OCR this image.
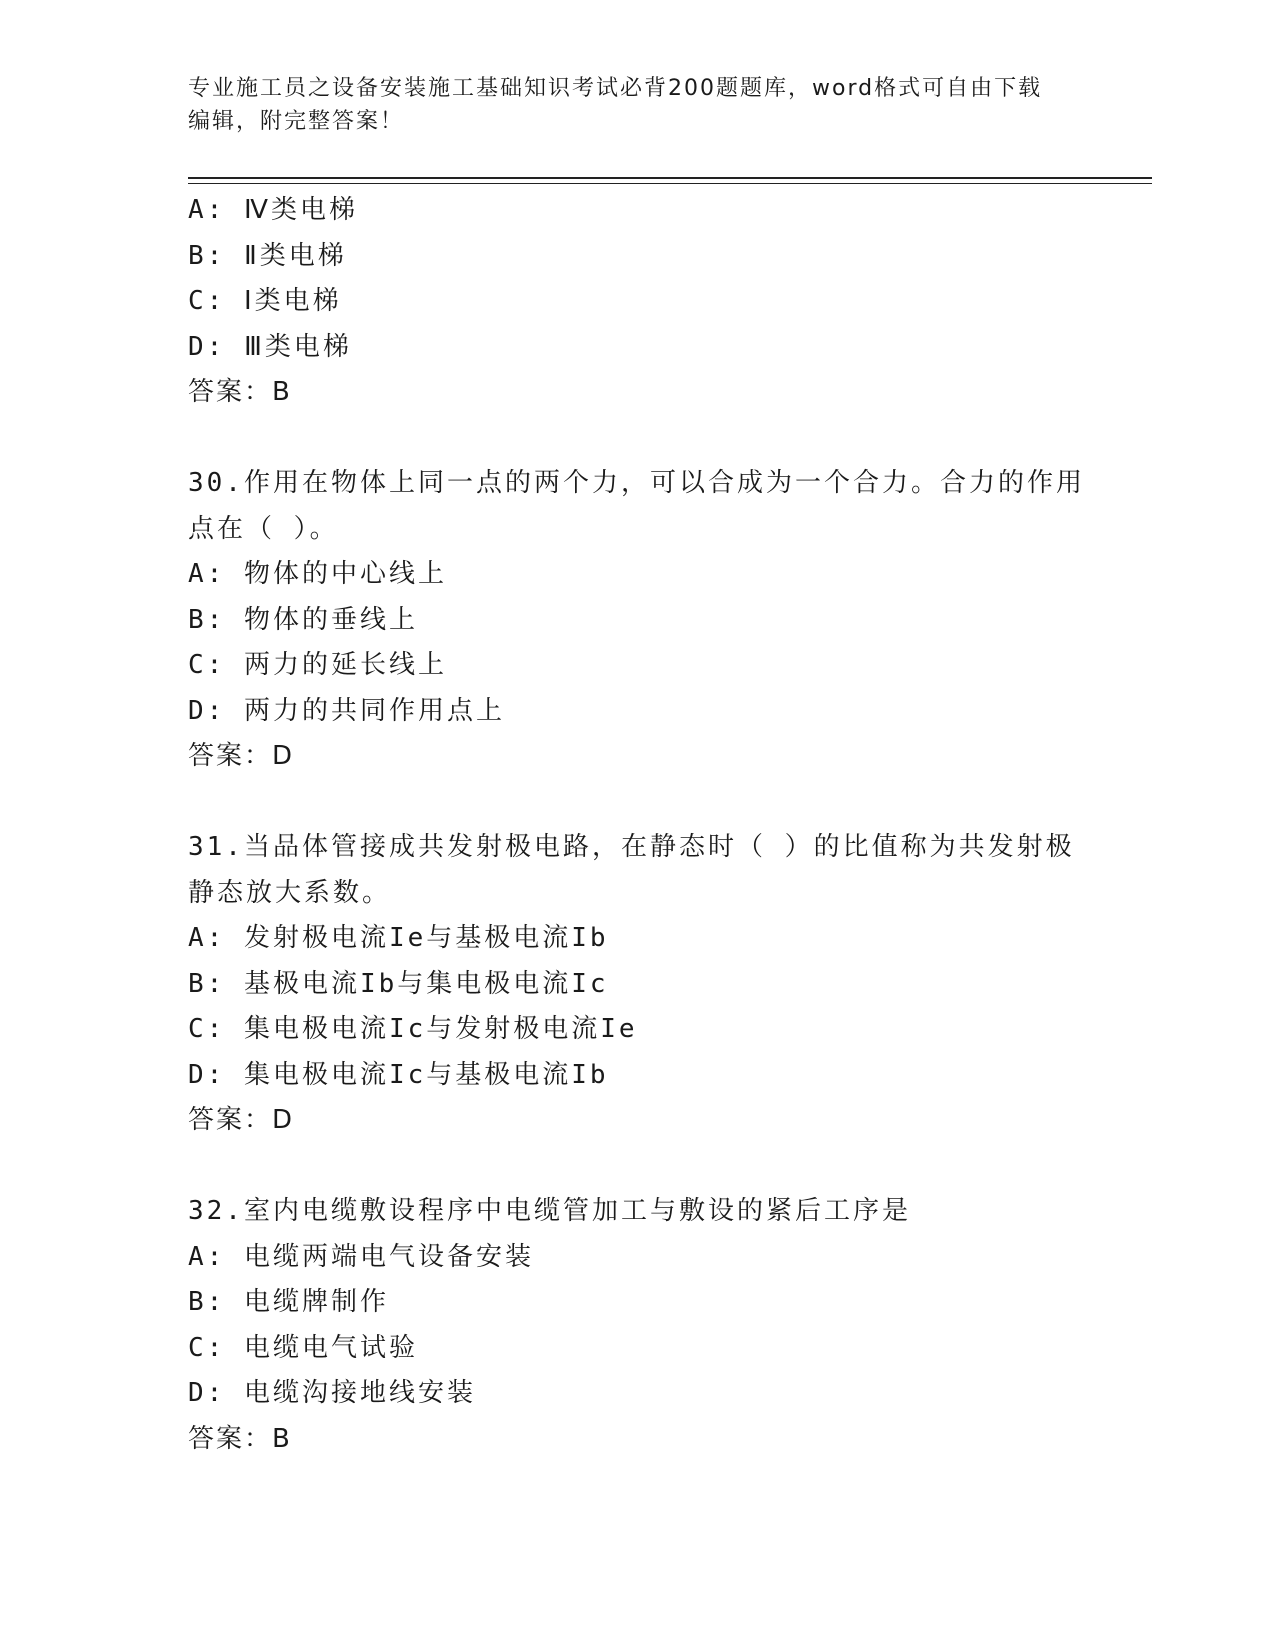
专业施工员之设备安装施工基础知识考试必背200题题库，word格式可自由下载
编辑，附完整答案！
A: Ⅳ类电梯
B: Ⅱ类电梯
C: Ⅰ类电梯
D: Ⅲ类电梯
答案：B
30.作用在物体上同一点的两个力，可以合成为一个合力。合力的作用
点在（ ）。
A: 物体的中心线上
B: 物体的垂线上
C: 两力的延长线上
D: 两力的共同作用点上
答案：D
31.当品体管接成共发射极电路，在静态时（ ）的比值称为共发射极
静态放大系数。
A: 发射极电流Ie与基极电流Ib
B: 基极电流Ib与集电极电流Ic
C: 集电极电流Ic与发射极电流Ie
D: 集电极电流Ic与基极电流Ib
答案：D
32.室内电缆敷设程序中电缆管加工与敷设的紧后工序是
A: 电缆两端电气设备安装
B: 电缆牌制作
C: 电缆电气试验
D: 电缆沟接地线安装
答案：B
